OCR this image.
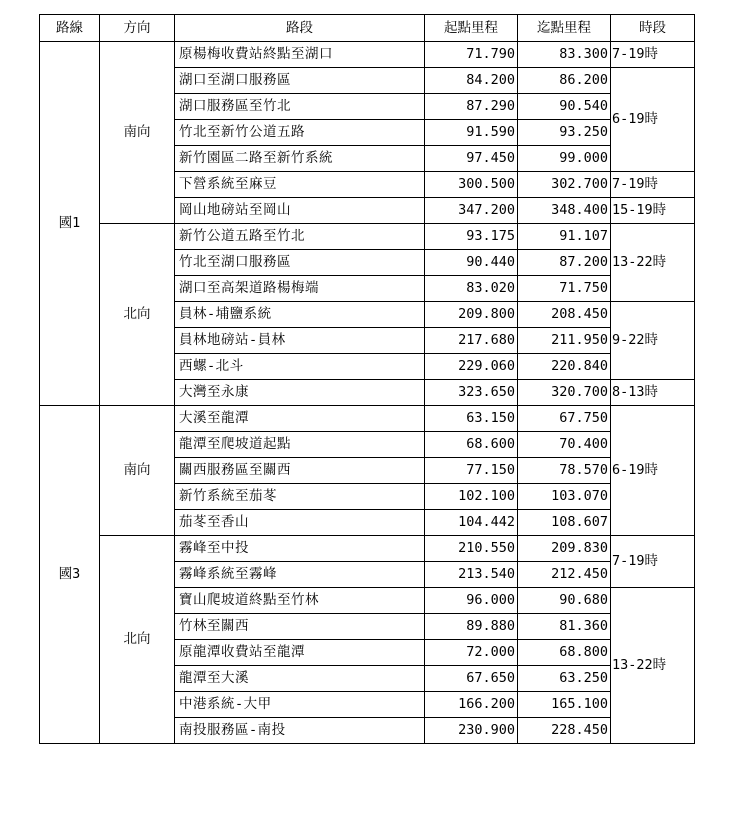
路線	方向	路段	起點里程	迄點里程	時段
國1	南向	原楊梅收費站終點至湖口	71.790	83.300	7-19時
		湖口至湖口服務區	84.200	86.200	6-19時
		湖口服務區至竹北	87.290	90.540	
		竹北至新竹公道五路	91.590	93.250	
		新竹園區二路至新竹系統	97.450	99.000	
		下營系統至麻豆	300.500	302.700	7-19時
		岡山地磅站至岡山	347.200	348.400	15-19時
	北向	新竹公道五路至竹北	93.175	91.107	13-22時
		竹北至湖口服務區	90.440	87.200	
		湖口至高架道路楊梅端	83.020	71.750	
		員林-埔鹽系統	209.800	208.450	9-22時
		員林地磅站-員林	217.680	211.950	
		西螺-北斗	229.060	220.840	
		大灣至永康	323.650	320.700	8-13時
國3	南向	大溪至龍潭	63.150	67.750	6-19時
		龍潭至爬坡道起點	68.600	70.400	
		關西服務區至關西	77.150	78.570	
		新竹系統至茄苳	102.100	103.070	
		茄苳至香山	104.442	108.607	
	北向	霧峰至中投	210.550	209.830	7-19時
		霧峰系統至霧峰	213.540	212.450	
		寶山爬坡道終點至竹林	96.000	90.680	13-22時
		竹林至關西	89.880	81.360	
		原龍潭收費站至龍潭	72.000	68.800	
		龍潭至大溪	67.650	63.250	
		中港系統-大甲	166.200	165.100	
		南投服務區-南投	230.900	228.450	
